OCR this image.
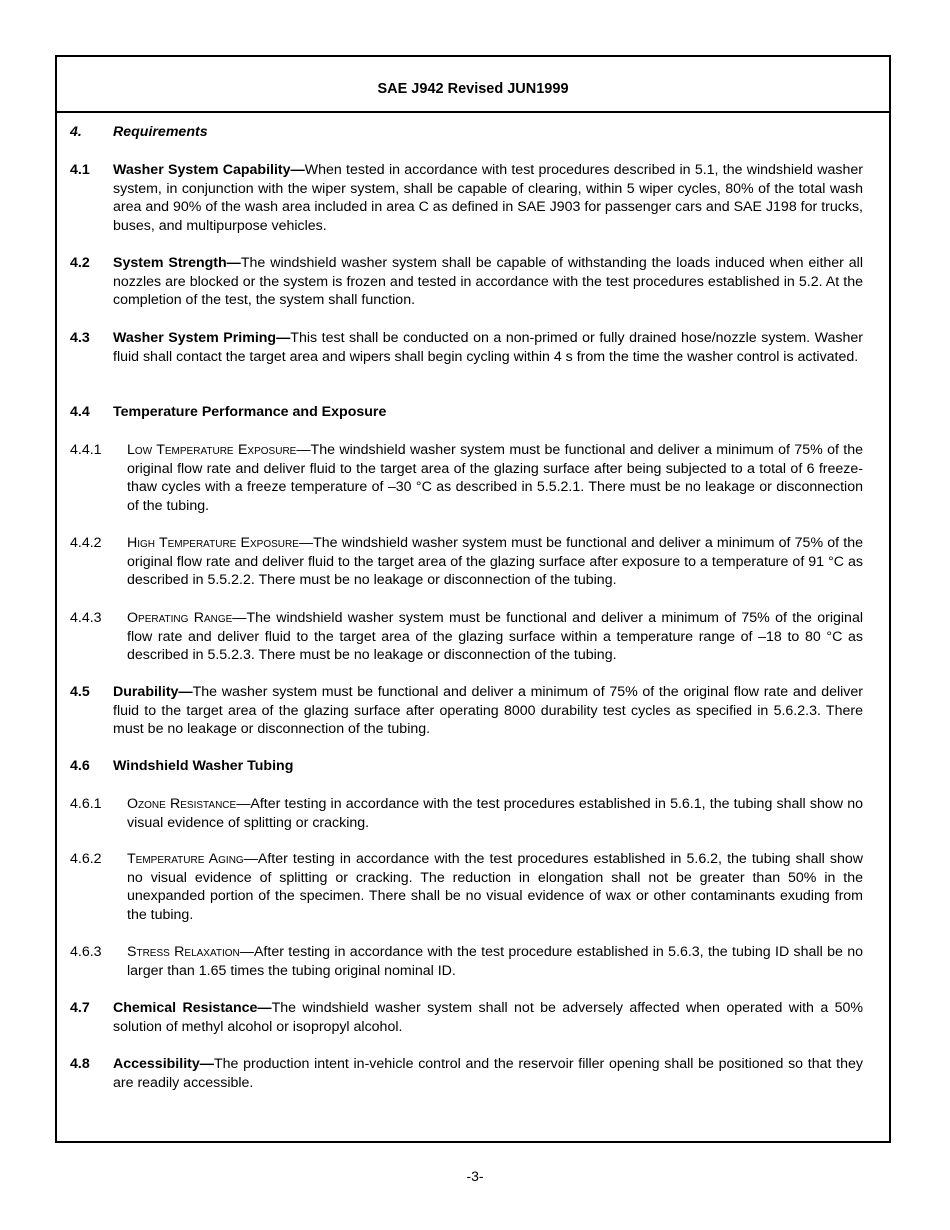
SAE J942 Revised JUN1999
4. Requirements
4.1 Washer System Capability—When tested in accordance with test procedures described in 5.1, the windshield washer system, in conjunction with the wiper system, shall be capable of clearing, within 5 wiper cycles, 80% of the total wash area and 90% of the wash area included in area C as defined in SAE J903 for passenger cars and SAE J198 for trucks, buses, and multipurpose vehicles.
4.2 System Strength—The windshield washer system shall be capable of withstanding the loads induced when either all nozzles are blocked or the system is frozen and tested in accordance with the test procedures established in 5.2. At the completion of the test, the system shall function.
4.3 Washer System Priming—This test shall be conducted on a non-primed or fully drained hose/nozzle system. Washer fluid shall contact the target area and wipers shall begin cycling within 4 s from the time the washer control is activated.
4.4 Temperature Performance and Exposure
4.4.1 Low Temperature Exposure—The windshield washer system must be functional and deliver a minimum of 75% of the original flow rate and deliver fluid to the target area of the glazing surface after being subjected to a total of 6 freeze-thaw cycles with a freeze temperature of –30 °C as described in 5.5.2.1. There must be no leakage or disconnection of the tubing.
4.4.2 High Temperature Exposure—The windshield washer system must be functional and deliver a minimum of 75% of the original flow rate and deliver fluid to the target area of the glazing surface after exposure to a temperature of 91 °C as described in 5.5.2.2. There must be no leakage or disconnection of the tubing.
4.4.3 Operating Range—The windshield washer system must be functional and deliver a minimum of 75% of the original flow rate and deliver fluid to the target area of the glazing surface within a temperature range of –18 to 80 °C as described in 5.5.2.3. There must be no leakage or disconnection of the tubing.
4.5 Durability—The washer system must be functional and deliver a minimum of 75% of the original flow rate and deliver fluid to the target area of the glazing surface after operating 8000 durability test cycles as specified in 5.6.2.3. There must be no leakage or disconnection of the tubing.
4.6 Windshield Washer Tubing
4.6.1 Ozone Resistance—After testing in accordance with the test procedures established in 5.6.1, the tubing shall show no visual evidence of splitting or cracking.
4.6.2 Temperature Aging—After testing in accordance with the test procedures established in 5.6.2, the tubing shall show no visual evidence of splitting or cracking. The reduction in elongation shall not be greater than 50% in the unexpanded portion of the specimen. There shall be no visual evidence of wax or other contaminants exuding from the tubing.
4.6.3 Stress Relaxation—After testing in accordance with the test procedure established in 5.6.3, the tubing ID shall be no larger than 1.65 times the tubing original nominal ID.
4.7 Chemical Resistance—The windshield washer system shall not be adversely affected when operated with a 50% solution of methyl alcohol or isopropyl alcohol.
4.8 Accessibility—The production intent in-vehicle control and the reservoir filler opening shall be positioned so that they are readily accessible.
-3-
